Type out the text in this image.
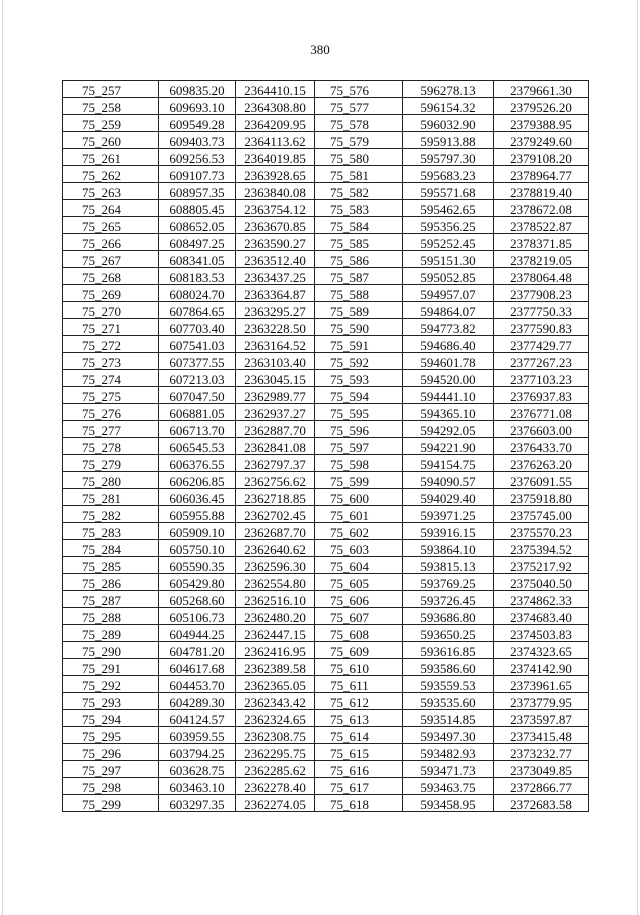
380
75_257	609835.20	2364410.15	75_576	596278.13	2379661.30
75_258	609693.10	2364308.80	75_577	596154.32	2379526.20
75_259	609549.28	2364209.95	75_578	596032.90	2379388.95
75_260	609403.73	2364113.62	75_579	595913.88	2379249.60
75_261	609256.53	2364019.85	75_580	595797.30	2379108.20
75_262	609107.73	2363928.65	75_581	595683.23	2378964.77
75_263	608957.35	2363840.08	75_582	595571.68	2378819.40
75_264	608805.45	2363754.12	75_583	595462.65	2378672.08
75_265	608652.05	2363670.85	75_584	595356.25	2378522.87
75_266	608497.25	2363590.27	75_585	595252.45	2378371.85
75_267	608341.05	2363512.40	75_586	595151.30	2378219.05
75_268	608183.53	2363437.25	75_587	595052.85	2378064.48
75_269	608024.70	2363364.87	75_588	594957.07	2377908.23
75_270	607864.65	2363295.27	75_589	594864.07	2377750.33
75_271	607703.40	2363228.50	75_590	594773.82	2377590.83
75_272	607541.03	2363164.52	75_591	594686.40	2377429.77
75_273	607377.55	2363103.40	75_592	594601.78	2377267.23
75_274	607213.03	2363045.15	75_593	594520.00	2377103.23
75_275	607047.50	2362989.77	75_594	594441.10	2376937.83
75_276	606881.05	2362937.27	75_595	594365.10	2376771.08
75_277	606713.70	2362887.70	75_596	594292.05	2376603.00
75_278	606545.53	2362841.08	75_597	594221.90	2376433.70
75_279	606376.55	2362797.37	75_598	594154.75	2376263.20
75_280	606206.85	2362756.62	75_599	594090.57	2376091.55
75_281	606036.45	2362718.85	75_600	594029.40	2375918.80
75_282	605955.88	2362702.45	75_601	593971.25	2375745.00
75_283	605909.10	2362687.70	75_602	593916.15	2375570.23
75_284	605750.10	2362640.62	75_603	593864.10	2375394.52
75_285	605590.35	2362596.30	75_604	593815.13	2375217.92
75_286	605429.80	2362554.80	75_605	593769.25	2375040.50
75_287	605268.60	2362516.10	75_606	593726.45	2374862.33
75_288	605106.73	2362480.20	75_607	593686.80	2374683.40
75_289	604944.25	2362447.15	75_608	593650.25	2374503.83
75_290	604781.20	2362416.95	75_609	593616.85	2374323.65
75_291	604617.68	2362389.58	75_610	593586.60	2374142.90
75_292	604453.70	2362365.05	75_611	593559.53	2373961.65
75_293	604289.30	2362343.42	75_612	593535.60	2373779.95
75_294	604124.57	2362324.65	75_613	593514.85	2373597.87
75_295	603959.55	2362308.75	75_614	593497.30	2373415.48
75_296	603794.25	2362295.75	75_615	593482.93	2373232.77
75_297	603628.75	2362285.62	75_616	593471.73	2373049.85
75_298	603463.10	2362278.40	75_617	593463.75	2372866.77
75_299	603297.35	2362274.05	75_618	593458.95	2372683.58
